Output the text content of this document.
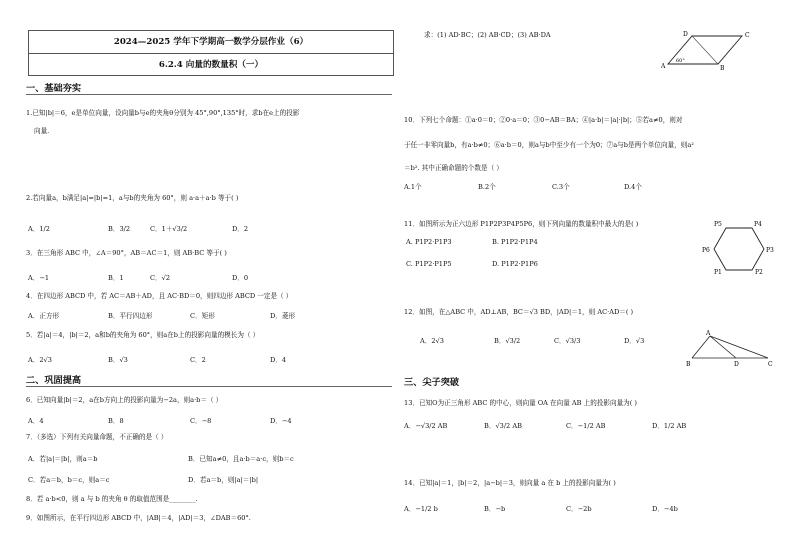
2024—2025 学年下学期高一数学分层作业（6）
6.2.4 向量的数量积（一）
一、基础夯实
1.已知|b|＝6，e是单位向量，设向量b与e的夹角θ分别为 45°,90°,135°时，求b在e上的投影
向量.
2.若向量a，b满足|a|=|b|=1，a与b的夹角为 60°，则 a·a＋a·b 等于( )
A．1/2	B．3/2	C．1＋√3/2	D．2
3．在三角形 ABC 中，∠A＝90°，AB＝AC＝1，则 AB·BC 等于( )
A．−1	B．1	C．√2	D．0
4．在四边形 ABCD 中，若 AC＝AB＋AD，且 AC·BD＝0，则四边形 ABCD 一定是（ ）
A．正方形	B．平行四边形	C．矩形	D．菱形
5．若|a|＝4，|b|＝2，a和b的夹角为 60°，则a在b上的投影向量的模长为（ ）
A．2√3	B．√3	C．2	D．4
二、巩固提高
6．已知向量|b|＝2，a在b方向上的投影向量为−2a，则a·b＝（ ）
A．4	B．8	C．−8	D．−4
7．（多选）下列有关向量命题，不正确的是（ ）
A．若|a|＝|b|，则a＝b	B．已知a≠0，且a·b＝a·c，则b＝c
C．若a＝b，b＝c，则a＝c	D．若a＝b，则|a|＝|b|
8．若 a·b<0，则 a 与 b 的夹角 θ 的取值范围是________.
9．如图所示，在平行四边形 ABCD 中，|AB|＝4，|AD|＝3，∠DAB＝60°.
求：(1) AD·BC；(2) AB·CD；(3) AB·DA
A	B
C
D
60°
10．下列七个命题：①a·0＝0；②0·a＝0；③0−AB＝BA；④|a·b|＝|a|·|b|；⑤若a≠0，则对
于任一非零向量b，有a·b≠0；⑥a·b＝0，则a与b中至少有一个为0；⑦a与b是两个单位向量，则a²
＝b². 其中正确命题的个数是（ ）
A.1个	B.2个	C.3个	D.4个
11．如图所示为正六边形 P1P2P3P4P5P6，则下列向量的数量积中最大的是( )
A. P1P2·P1P3	B. P1P2·P1P4
C. P1P2·P1P5	D. P1P2·P1P6
P1	P2
P3
P4
P5
P6
12．如图，在△ABC 中，AD⊥AB，BC＝√3 BD，|AD|＝1，则 AC·AD＝( )
A．2√3	B．√3/2	C．√3/3	D．√3
A
B	D	C
三、尖子突破
13．已知O为正三角形 ABC 的中心，则向量 OA 在向量 AB 上的投影向量为( )
A．−√3/2 AB	B．√3/2 AB	C．−1/2 AB	D．1/2 AB
14．已知|a|＝1，|b|＝2，|a−b|＝3，则向量 a 在 b 上的投影向量为( )
A．−1/2 b	B．−b	C．−2b	D．−4b
